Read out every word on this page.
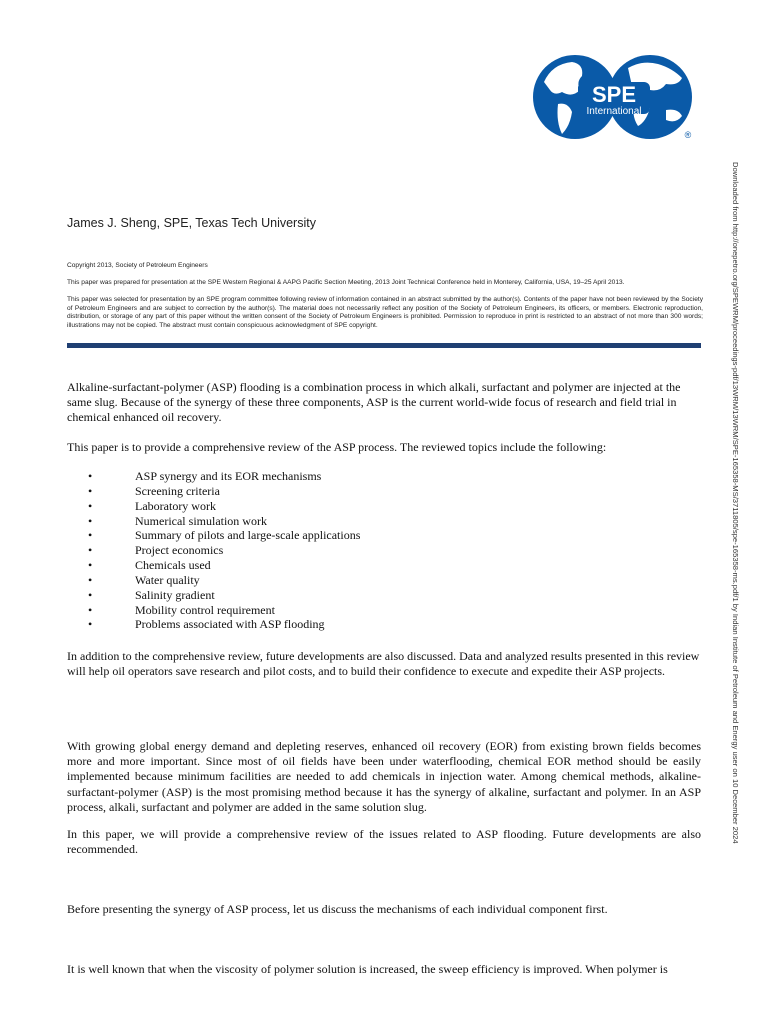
SPE
International
®
Downloaded from http://onepetro.org/SPEWRM/proceedings-pdf/13WRM/13WRM/SPE-165358-MS/3711805/spe-165358-ms.pdf/1 by Indian Institute of Petroleum and Energy user on 10 December 2024
James J. Sheng, SPE, Texas Tech University
Copyright 2013, Society of Petroleum Engineers
This paper was prepared for presentation at the SPE Western Regional & AAPG Pacific Section Meeting, 2013 Joint Technical Conference held in Monterey, California, USA, 19–25 April 2013.
This paper was selected for presentation by an SPE program committee following review of information contained in an abstract submitted by the author(s). Contents of the paper have not been reviewed by the Society of Petroleum Engineers and are subject to correction by the author(s). The material does not necessarily reflect any position of the Society of Petroleum Engineers, its officers, or members. Electronic reproduction, distribution, or storage of any part of this paper without the written consent of the Society of Petroleum Engineers is prohibited. Permission to reproduce in print is restricted to an abstract of not more than 300 words; illustrations may not be copied. The abstract must contain conspicuous acknowledgment of SPE copyright.
Alkaline-surfactant-polymer (ASP) flooding is a combination process in which alkali, surfactant and polymer are injected at the same slug. Because of the synergy of these three components, ASP is the current world-wide focus of research and field trial in chemical enhanced oil recovery.
This paper is to provide a comprehensive review of the ASP process. The reviewed topics include the following:
•	ASP synergy and its EOR mechanisms
•	Screening criteria
•	Laboratory work
•	Numerical simulation work
•	Summary of pilots and large-scale applications
•	Project economics
•	Chemicals used
•	Water quality
•	Salinity gradient
•	Mobility control requirement
•	Problems associated with ASP flooding
In addition to the comprehensive review, future developments are also discussed. Data and analyzed results presented in this review will help oil operators save research and pilot costs, and to build their confidence to execute and expedite their ASP projects.
With growing global energy demand and depleting reserves, enhanced oil recovery (EOR) from existing brown fields becomes more and more important. Since most of oil fields have been under waterflooding, chemical EOR method should be easily implemented because minimum facilities are needed to add chemicals in injection water. Among chemical methods, alkaline-surfactant-polymer (ASP) is the most promising method because it has the synergy of alkaline, surfactant and polymer. In an ASP process, alkali, surfactant and polymer are added in the same solution slug.
In this paper, we will provide a comprehensive review of the issues related to ASP flooding. Future developments are also recommended.
Before presenting the synergy of ASP process, let us discuss the mechanisms of each individual component first.
It is well known that when the viscosity of polymer solution is increased, the sweep efficiency is improved. When polymer is
